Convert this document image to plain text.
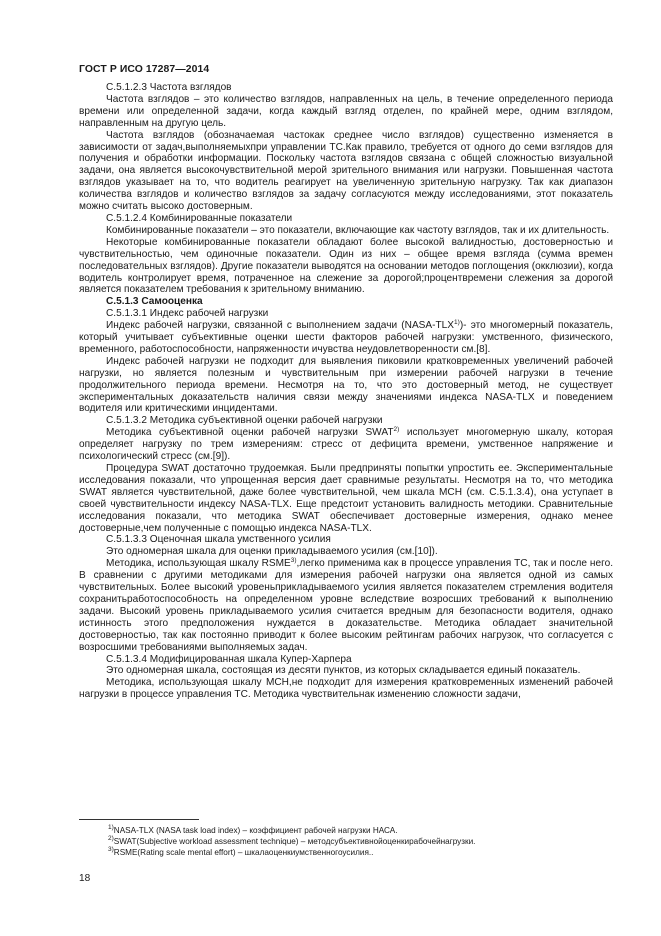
ГОСТ Р ИСО 17287—2014

С.5.1.2.3 Частота взглядов

Частота взглядов – это количество взглядов, направленных на цель, в течение определенного периода времени или определенной задачи, когда каждый взгляд отделен, по крайней мере, одним взглядом, направленным на другую цель.

Частота взглядов (обозначаемая частокак среднее число взглядов) существенно изменяется в зависимости от задач,выполняемыхпри управлении ТС.Как правило, требуется от одного до семи взглядов для получения и обработки информации. Поскольку частота взглядов связана с общей сложностью визуальной задачи, она является высокочувствительной мерой зрительного внимания или нагрузки. Повышенная частота взглядов указывает на то, что водитель реагирует на увеличенную зрительную нагрузку. Так как диапазон количества взглядов и количество взглядов за задачу согласуются между исследованиями, этот показатель можно считать высоко достоверным.

С.5.1.2.4 Комбинированные показатели

Комбинированные показатели – это показатели, включающие как частоту взглядов, так и их длительность.

Некоторые комбинированные показатели обладают более высокой валидностью, достоверностью и чувствительностью, чем одиночные показатели. Один из них – общее время взгляда (сумма времен последовательных взглядов). Другие показатели выводятся на основании методов поглощения (окклюзии), когда водитель контролирует время, потраченное на слежение за дорогой;процентвремени слежения за дорогой является показателем требования к зрительному вниманию.

С.5.1.3 Самооценка

С.5.1.3.1 Индекс рабочей нагрузки

Индекс рабочей нагрузки, связанной с выполнением задачи (NASA-TLX$^{1)}$)- это многомерный показатель, который учитывает субъективные оценки шести факторов рабочей нагрузки: умственного, физического, временного, работоспособности, напряженности ичувства неудовлетворенности см.[8].

Индекс рабочей нагрузки не подходит для выявления пиковили кратковременных увеличений рабочей нагрузки, но является полезным и чувствительным при измерении рабочей нагрузки в течение продолжительного периода времени. Несмотря на то, что это достоверный метод, не существует экспериментальных доказательств наличия связи между значениями индекса NASA-TLX и поведением водителя или критическими инцидентами.

С.5.1.3.2 Методика субъективной оценки рабочей нагрузки

Методика субъективной оценки рабочей нагрузки SWAT$^{2)}$ использует многомерную шкалу, которая определяет нагрузку по трем измерениям: стресс от дефицита времени, умственное напряжение и психологический стресс (см.[9]).

Процедура SWAT достаточно трудоемкая. Были предприняты попытки упростить ее. Экспериментальные исследования показали, что упрощенная версия дает сравнимые результаты. Несмотря на то, что методика SWAT является чувствительной, даже более чувствительной, чем шкала МСН (см. С.5.1.3.4), она уступает в своей чувствительности индексу NASA-TLX. Еще предстоит установить валидность методики. Сравнительные исследования показали, что методика SWAT обеспечивает достоверные измерения, однако менее достоверные,чем полученные с помощью индекса NASA-TLX.

С.5.1.3.3 Оценочная шкала умственного усилия

Это одномерная шкала для оценки прикладываемого усилия (см.[10]).

Методика, использующая шкалу RSME$^{3)}$,легко применима как в процессе управления ТС, так и после него. В сравнении с другими методиками для измерения рабочей нагрузки она является одной из самых чувствительных. Более высокий уровеньприкладываемого усилия является показателем стремления водителя сохранитьработоспособность на определенном уровне вследствие возросших требований к выполнению задачи. Высокий уровень прикладываемого усилия считается вредным для безопасности водителя, однако истинность этого предположения нуждается в доказательстве. Методика обладает значительной достоверностью, так как постоянно приводит к более высоким рейтингам рабочих нагрузок, что согласуется с возросшими требованиями выполняемых задач.

С.5.1.3.4 Модифицированная шкала Купер-Харпера

Это одномерная шкала, состоящая из десяти пунктов, из которых складывается единый показатель.

Методика, использующая шкалу МСН,не подходит для измерения кратковременных изменений рабочей нагрузки в процессе управления ТС. Методика чувствительнак изменению сложности задачи,

$^{1)}$NASA-TLX (NASA task load index) – коэффициент рабочей нагрузки НАСА.
$^{2)}$SWAT(Subjective workload assessment technique) – методсубъективнойоценкирабочейнагрузки.
$^{3)}$RSME(Rating scale mental effort) – шкалаоценкиумственногоусилия..
18
